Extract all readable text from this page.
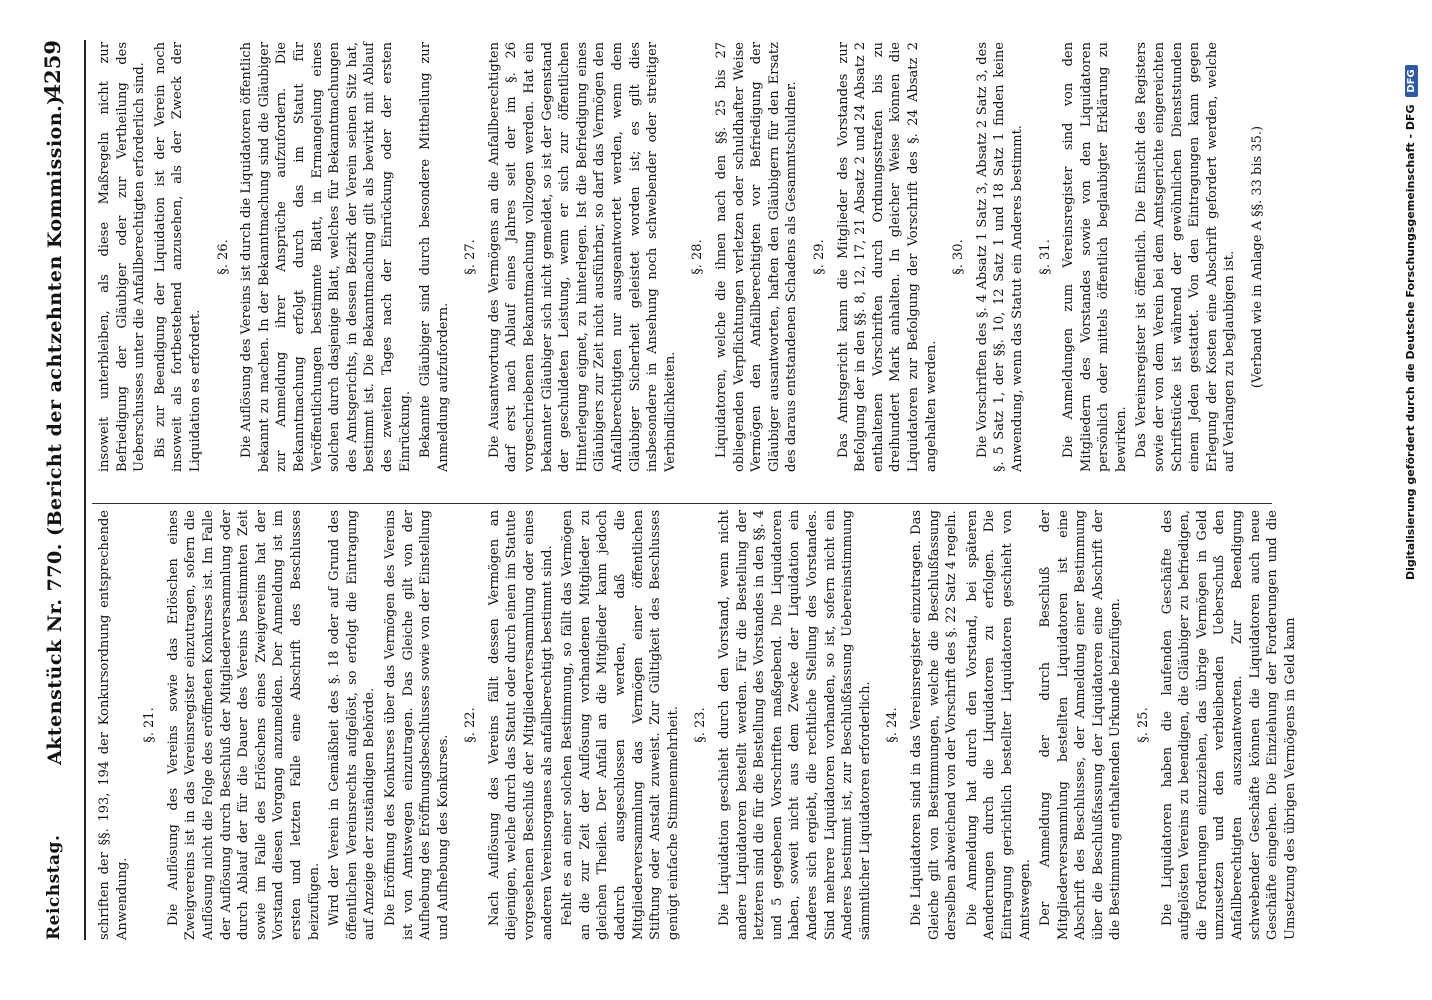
Reichstag.
Aktenstück Nr. 770. (Bericht der achtzehnten Kommission.)
4259

schriften der §§. 193, 194 der Konkursordnung entsprechende Anwendung.

§. 21. Die Auflösung des Vereins sowie das Erlöschen eines Zweigvereins ist in das Vereinsregister einzutragen, sofern die Auflösung nicht die Folge des eröffneten Konkurses ist. Im Falle der Auflösung durch Beschluß der Mitgliederversammlung oder durch Ablauf der für die Dauer des Vereins bestimmten Zeit sowie im Falle des Erlöschens eines Zweigvereins hat der Vorstand diesen Vorgang anzumelden. Der Anmeldung ist im ersten und letzten Falle eine Abschrift des Beschlusses beizufügen. Wird der Verein in Gemäßheit des §. 18 oder auf Grund des öffentlichen Vereinsrechts aufgelöst, so erfolgt die Eintragung auf Anzeige der zuständigen Behörde. Die Eröffnung des Konkurses über das Vermögen des Vereins ist von Amtswegen einzutragen. Das Gleiche gilt von der Aufhebung des Eröffnungsbeschlusses sowie von der Einstellung und Aufhebung des Konkurses.

§. 22. Nach Auflösung des Vereins fällt dessen Vermögen an diejenigen, welche durch das Statut oder durch einen im Statute vorgesehenen Beschluß der Mitgliederversammlung oder eines anderen Vereinsorganes als anfallberechtigt bestimmt sind. Fehlt es an einer solchen Bestimmung, so fällt das Vermögen an die zur Zeit der Auflösung vorhandenen Mitglieder zu gleichen Theilen. Der Anfall an die Mitglieder kann jedoch dadurch ausgeschlossen werden, daß die Mitgliederversammlung das Vermögen einer öffentlichen Stiftung oder Anstalt zuweist. Zur Gültigkeit des Beschlusses genügt einfache Stimmenmehrheit. §. 23. Die Liquidation geschieht durch den Vorstand, wenn nicht andere Liquidatoren bestellt werden. Für die Bestellung der letzteren sind die für die Bestellung des Vorstandes in den §§. 4 und 5 gegebenen Vorschriften maßgebend. Die Liquidatoren haben, soweit nicht aus dem Zwecke der Liquidation ein Anderes sich ergiebt, die rechtliche Stellung des Vorstandes. Sind mehrere Liquidatoren vorhanden, so ist, sofern nicht ein Anderes bestimmt ist, zur Beschlußfassung Uebereinstimmung sämmtlicher Liquidatoren erforderlich. §. 24. Die Liquidatoren sind in das Vereinsregister einzutragen. Das Gleiche gilt von Bestimmungen, welche die Beschlußfassung derselben abweichend von der Vorschrift des §. 22 Satz 4 regeln. Die Anmeldung hat durch den Vorstand, bei späteren Aenderungen durch die Liquidatoren zu erfolgen. Die Eintragung gerichtlich bestellter Liquidatoren geschieht von Amtswegen. Der Anmeldung der durch Beschluß der Mitgliederversammlung bestellten Liquidatoren ist eine Abschrift des Beschlusses, der Anmeldung einer Bestimmung über die Beschlußfassung der Liquidatoren eine Abschrift der die Bestimmung enthaltenden Urkunde beizufügen. §. 25. Die Liquidatoren haben die laufenden Geschäfte des aufgelösten Vereins zu beendigen, die Gläubiger zu befriedigen, die Forderungen einzuziehen, das übrige Vermögen in Geld umzusetzen und den verbleibenden Ueberschuß den Anfallberechtigten auszuantworten. Zur Beendigung schwebender Geschäfte können die Liquidatoren auch neue Geschäfte eingehen. Die Einziehung der Forderungen und die Umsetzung des übrigen Vermögens in Geld kann

insoweit unterbleiben, als diese Maßregeln nicht zur Befriedigung der Gläubiger oder zur Vertheilung des Ueberschusses unter die Anfallberechtigten erforderlich sind. Bis zur Beendigung der Liquidation ist der Verein noch insoweit als fortbestehend anzusehen, als der Zweck der Liquidation es erfordert.

§. 26. Die Auflösung des Vereins ist durch die Liquidatoren öffentlich bekannt zu machen. In der Bekanntmachung sind die Gläubiger zur Anmeldung ihrer Ansprüche aufzufordern. Die Bekanntmachung erfolgt durch das im Statut für Veröffentlichungen bestimmte Blatt, in Ermangelung eines solchen durch dasjenige Blatt, welches für Bekanntmachungen des Amtsgerichts, in dessen Bezirk der Verein seinen Sitz hat, bestimmt ist. Die Bekanntmachung gilt als bewirkt mit Ablauf des zweiten Tages nach der Einrückung oder der ersten Einrückung. Bekannte Gläubiger sind durch besondere Mittheilung zur Anmeldung aufzufordern.

§. 27. Die Ausantwortung des Vermögens an die Anfallberechtigten darf erst nach Ablauf eines Jahres seit der im §. 26 vorgeschriebenen Bekanntmachung vollzogen werden. Hat ein bekannter Gläubiger sich nicht gemeldet, so ist der Gegenstand der geschuldeten Leistung, wenn er sich zur öffentlichen Hinterlegung eignet, zu hinterlegen. Ist die Befriedigung eines Gläubigers zur Zeit nicht ausführbar, so darf das Vermögen den Anfallberechtigten nur ausgeantwortet werden, wenn dem Gläubiger Sicherheit geleistet worden ist; es gilt dies insbesondere in Ansehung noch schwebender oder streitiger Verbindlichkeiten.

§. 28. Liquidatoren, welche die ihnen nach den §§. 25 bis 27 obliegenden Verpflichtungen verletzen oder schuldhafter Weise Vermögen den Anfallberechtigten vor Befriedigung der Gläubiger ausantworten, haften den Gläubigern für den Ersatz des daraus entstandenen Schadens als Gesammtschuldner. §. 29. Das Amtsgericht kann die Mitglieder des Vorstandes zur Befolgung der in den §§. 8, 12, 17, 21 Absatz 2 und 24 Absatz 2 enthaltenen Vorschriften durch Ordnungsstrafen bis zu dreihundert Mark anhalten. In gleicher Weise können die Liquidatoren zur Befolgung der Vorschrift des §. 24 Absatz 2 angehalten werden.

§. 30. Die Vorschriften des §. 4 Absatz 1 Satz 3, Absatz 2 Satz 3, des §. 5 Satz 1, der §§. 10, 12 Satz 1 und 18 Satz 1 finden keine Anwendung, wenn das Statut ein Anderes bestimmt. §. 31. Die Anmeldungen zum Vereinsregister sind von den Mitgliedern des Vorstandes sowie von den Liquidatoren persönlich oder mittels öffentlich beglaubigter Erklärung zu bewirken. Das Vereinsregister ist öffentlich. Die Einsicht des Registers sowie der von dem Verein bei dem Amtsgerichte eingereichten Schriftstücke ist während der gewöhnlichen Dienststunden einem Jeden gestattet. Von den Eintragungen kann gegen Erlegung der Kosten eine Abschrift gefordert werden, welche auf Verlangen zu beglaubigen ist. (Verband wie in Anlage A §§. 33 bis 35.)	Digitalisierung gefördert durch die Deutsche Forschungsgemeinschaft - DFG DFG
